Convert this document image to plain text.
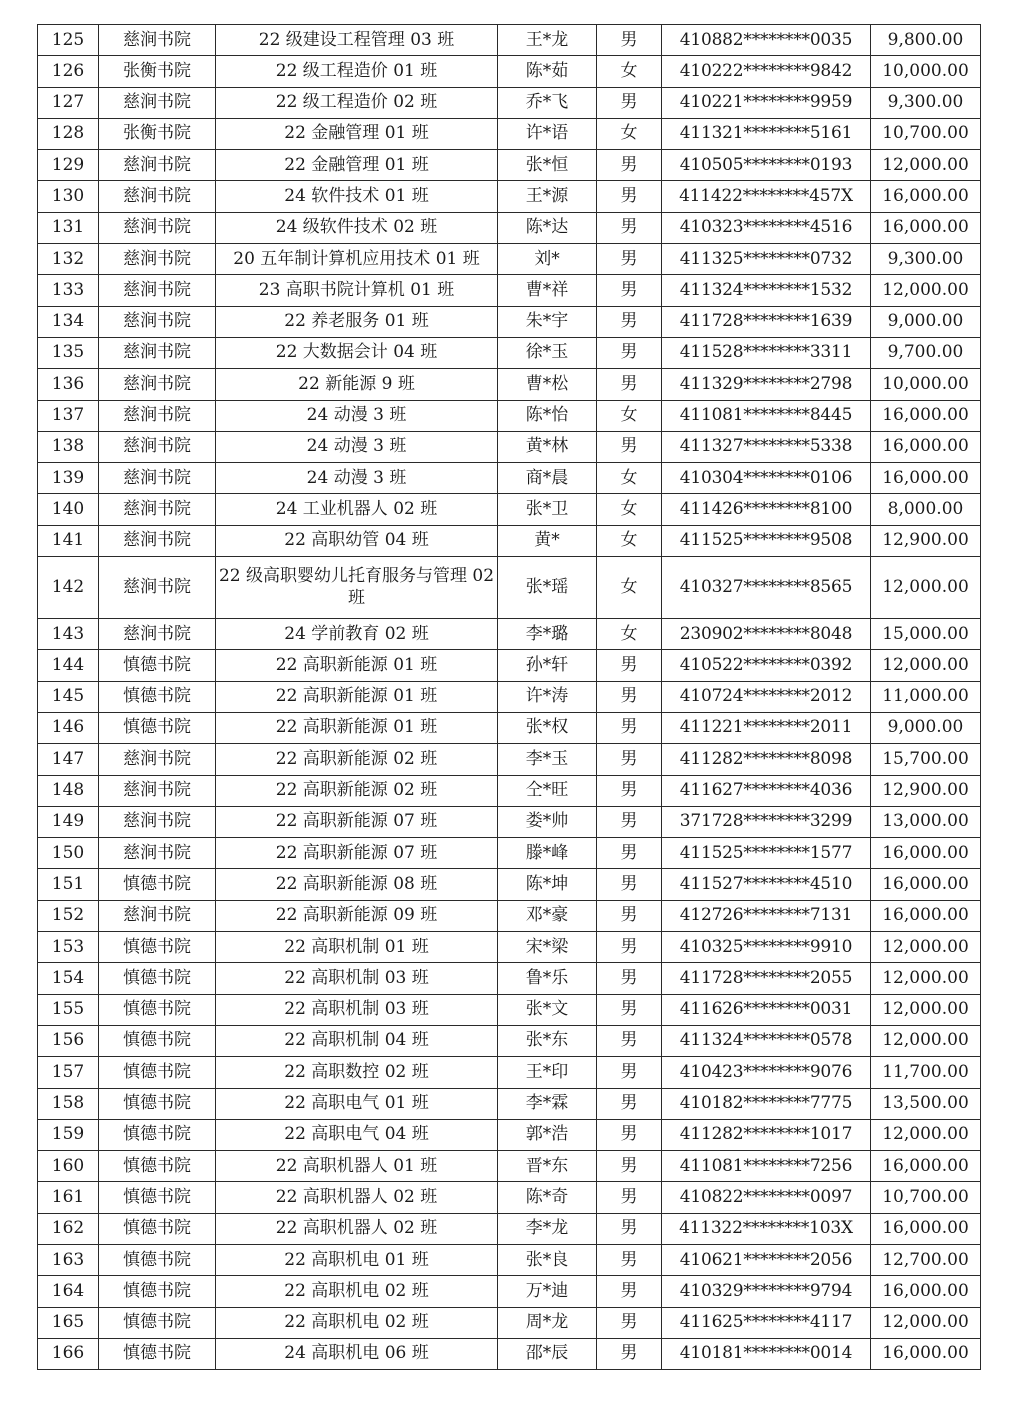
125	慈涧书院	22 级建设工程管理 03 班	王*龙	男	410882********0035	9,800.00
126	张衡书院	22 级工程造价 01 班	陈*茹	女	410222********9842	10,000.00
127	慈涧书院	22 级工程造价 02 班	乔*飞	男	410221********9959	9,300.00
128	张衡书院	22 金融管理 01 班	许*语	女	411321********5161	10,700.00
129	慈涧书院	22 金融管理 01 班	张*恒	男	410505********0193	12,000.00
130	慈涧书院	24 软件技术 01 班	王*源	男	411422********457X	16,000.00
131	慈涧书院	24 级软件技术 02 班	陈*达	男	410323********4516	16,000.00
132	慈涧书院	20 五年制计算机应用技术 01 班	刘*	男	411325********0732	9,300.00
133	慈涧书院	23 高职书院计算机 01 班	曹*祥	男	411324********1532	12,000.00
134	慈涧书院	22 养老服务 01 班	朱*宇	男	411728********1639	9,000.00
135	慈涧书院	22 大数据会计 04 班	徐*玉	男	411528********3311	9,700.00
136	慈涧书院	22 新能源 9 班	曹*松	男	411329********2798	10,000.00
137	慈涧书院	24 动漫 3 班	陈*怡	女	411081********8445	16,000.00
138	慈涧书院	24 动漫 3 班	黄*林	男	411327********5338	16,000.00
139	慈涧书院	24 动漫 3 班	商*晨	女	410304********0106	16,000.00
140	慈涧书院	24 工业机器人 02 班	张*卫	女	411426********8100	8,000.00
141	慈涧书院	22 高职幼管 04 班	黄*	女	411525********9508	12,900.00
142	慈涧书院	22 级高职婴幼儿托育服务与管理 02 班	张*瑶	女	410327********8565	12,000.00
143	慈涧书院	24 学前教育 02 班	李*璐	女	230902********8048	15,000.00
144	慎德书院	22 高职新能源 01 班	孙*轩	男	410522********0392	12,000.00
145	慎德书院	22 高职新能源 01 班	许*涛	男	410724********2012	11,000.00
146	慎德书院	22 高职新能源 01 班	张*权	男	411221********2011	9,000.00
147	慈涧书院	22 高职新能源 02 班	李*玉	男	411282********8098	15,700.00
148	慈涧书院	22 高职新能源 02 班	仝*旺	男	411627********4036	12,900.00
149	慈涧书院	22 高职新能源 07 班	娄*帅	男	371728********3299	13,000.00
150	慈涧书院	22 高职新能源 07 班	滕*峰	男	411525********1577	16,000.00
151	慎德书院	22 高职新能源 08 班	陈*坤	男	411527********4510	16,000.00
152	慈涧书院	22 高职新能源 09 班	邓*豪	男	412726********7131	16,000.00
153	慎德书院	22 高职机制 01 班	宋*梁	男	410325********9910	12,000.00
154	慎德书院	22 高职机制 03 班	鲁*乐	男	411728********2055	12,000.00
155	慎德书院	22 高职机制 03 班	张*文	男	411626********0031	12,000.00
156	慎德书院	22 高职机制 04 班	张*东	男	411324********0578	12,000.00
157	慎德书院	22 高职数控 02 班	王*印	男	410423********9076	11,700.00
158	慎德书院	22 高职电气 01 班	李*霖	男	410182********7775	13,500.00
159	慎德书院	22 高职电气 04 班	郭*浩	男	411282********1017	12,000.00
160	慎德书院	22 高职机器人 01 班	晋*东	男	411081********7256	16,000.00
161	慎德书院	22 高职机器人 02 班	陈*奇	男	410822********0097	10,700.00
162	慎德书院	22 高职机器人 02 班	李*龙	男	411322********103X	16,000.00
163	慎德书院	22 高职机电 01 班	张*良	男	410621********2056	12,700.00
164	慎德书院	22 高职机电 02 班	万*迪	男	410329********9794	16,000.00
165	慎德书院	22 高职机电 02 班	周*龙	男	411625********4117	12,000.00
166	慎德书院	24 高职机电 06 班	邵*辰	男	410181********0014	16,000.00
